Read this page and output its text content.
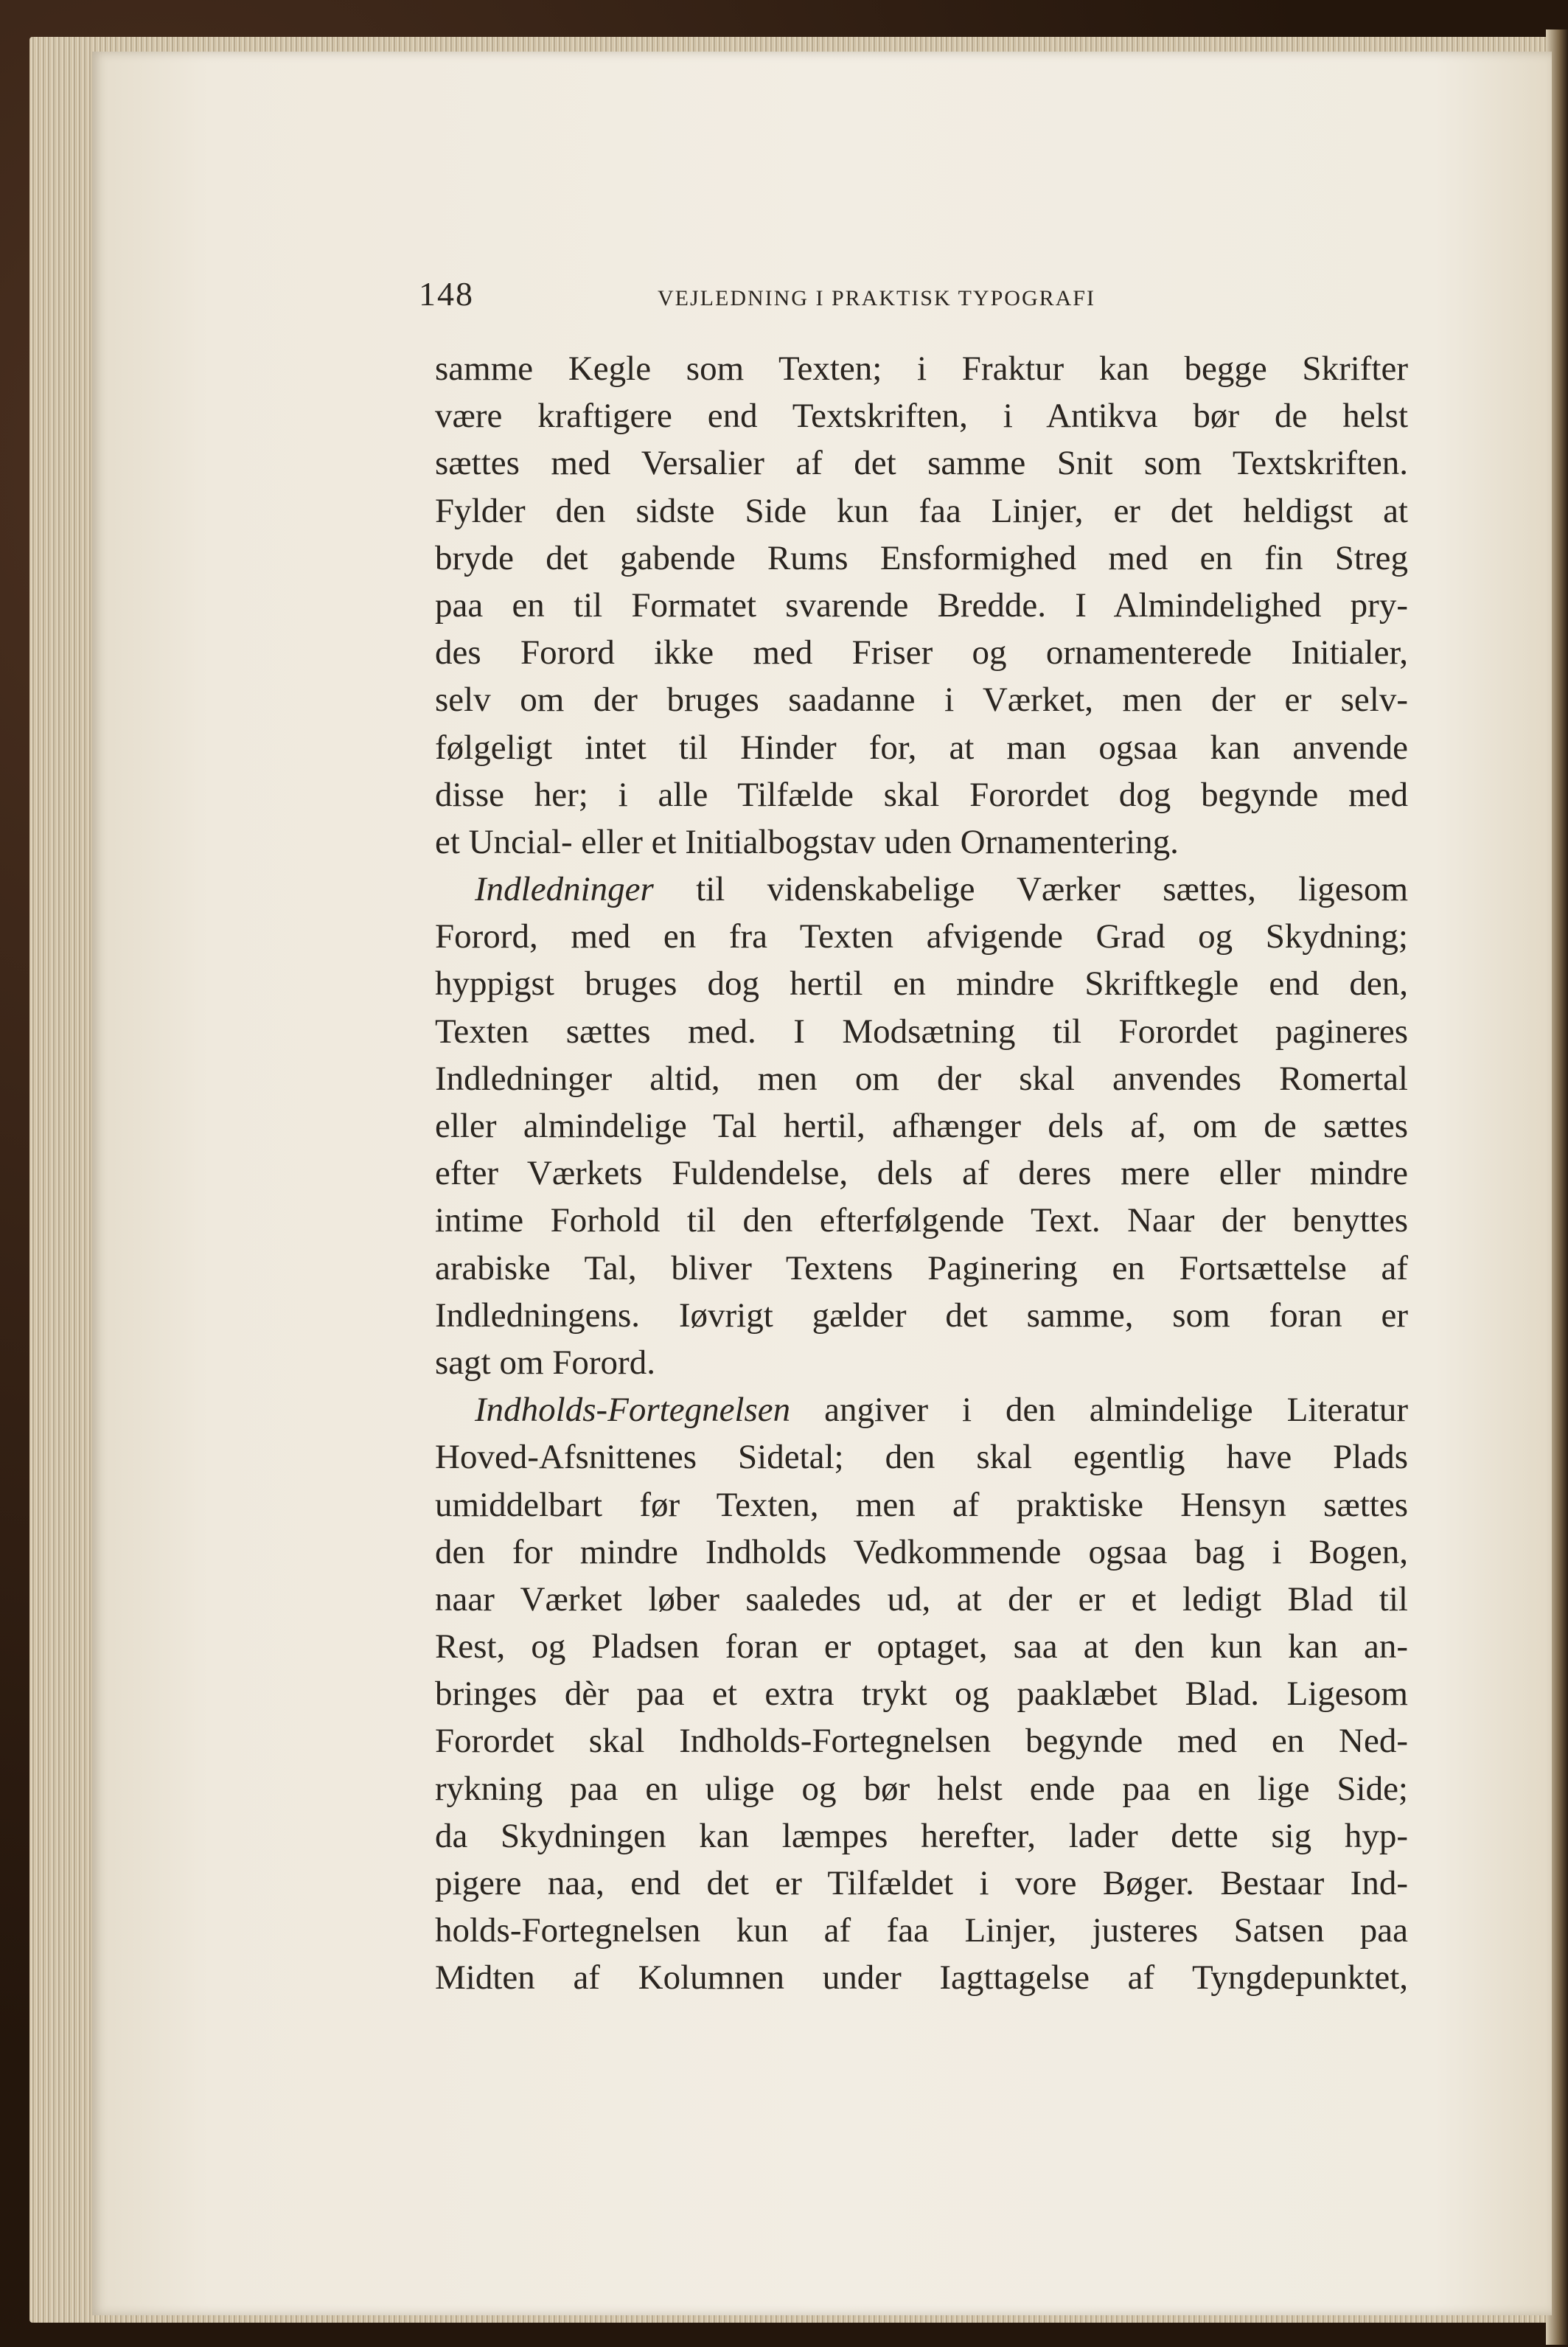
148	VEJLEDNING I PRAKTISK TYPOGRAFI
samme Kegle som Texten; i Fraktur kan begge Skrifter
være kraftigere end Textskriften, i Antikva bør de helst
sættes med Versalier af det samme Snit som Textskriften.
Fylder den sidste Side kun faa Linjer, er det heldigst at
bryde det gabende Rums Ensformighed med en fin Streg
paa en til Formatet svarende Bredde. I Almindelighed pry-
des Forord ikke med Friser og ornamenterede Initialer,
selv om der bruges saadanne i Værket, men der er selv-
følgeligt intet til Hinder for, at man ogsaa kan anvende
disse her; i alle Tilfælde skal Forordet dog begynde med
et Uncial- eller et Initialbogstav uden Ornamentering.
Indledninger til videnskabelige Værker sættes, ligesom
Forord, med en fra Texten afvigende Grad og Skydning;
hyppigst bruges dog hertil en mindre Skriftkegle end den,
Texten sættes med. I Modsætning til Forordet pagineres
Indledninger altid, men om der skal anvendes Romertal
eller almindelige Tal hertil, afhænger dels af, om de sættes
efter Værkets Fuldendelse, dels af deres mere eller mindre
intime Forhold til den efterfølgende Text. Naar der benyttes
arabiske Tal, bliver Textens Paginering en Fortsættelse af
Indledningens. Iøvrigt gælder det samme, som foran er
sagt om Forord.
Indholds-Fortegnelsen angiver i den almindelige Literatur
Hoved-Afsnittenes Sidetal; den skal egentlig have Plads
umiddelbart før Texten, men af praktiske Hensyn sættes
den for mindre Indholds Vedkommende ogsaa bag i Bogen,
naar Værket løber saaledes ud, at der er et ledigt Blad til
Rest, og Pladsen foran er optaget, saa at den kun kan an-
bringes dèr paa et extra trykt og paaklæbet Blad. Ligesom
Forordet skal Indholds-Fortegnelsen begynde med en Ned-
rykning paa en ulige og bør helst ende paa en lige Side;
da Skydningen kan læmpes herefter, lader dette sig hyp-
pigere naa, end det er Tilfældet i vore Bøger. Bestaar Ind-
holds-Fortegnelsen kun af faa Linjer, justeres Satsen paa
Midten af Kolumnen under Iagttagelse af Tyngdepunktet,
